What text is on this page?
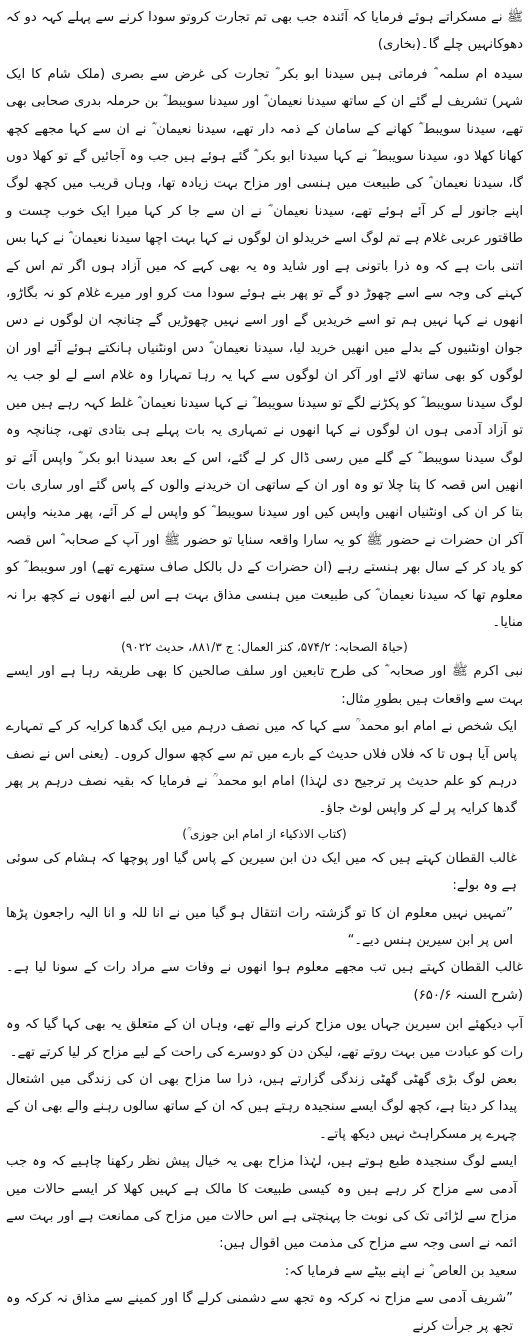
ﷺ نے مسکراتے ہوئے فرمایا کہ آئندہ جب بھی تم تجارت کروتو سودا کرنے سے پہلے کہہ دو کہ دھوکانہیں چلے گا۔(بخاری)

سیدہ ام سلمہ ؓ فرماتی ہیں سیدنا ابو بکر ؓ تجارت کی غرض سے بصری (ملک شام کا ایک شہر) تشریف لے گئے ان کے ساتھ سیدنا نعیمان ؓ اور سیدنا سویبط ؓ بن حرملہ بدری صحابی بھی تھے، سیدنا سویبط ؓ کھانے کے سامان کے ذمہ دار تھے، سیدنا نعیمان ؓ نے ان سے کہا مجھے کچھ کھانا کھلا دو، سیدنا سویبط ؓ نے کہا سیدنا ابو بکر ؓ گئے ہوئے ہیں جب وہ آجائیں گے تو کھلا دوں گا، سیدنا نعیمان ؓ کی طبیعت میں ہنسی اور مزاح بہت زیادہ تھا، وہاں قریب میں کچھ لوگ اپنے جانور لے کر آئے ہوئے تھے، سیدنا نعیمان ؓ نے ان سے جا کر کہا میرا ایک خوب چست و طاقتور عربی غلام ہے تم لوگ اسے خریدلو ان لوگوں نے کہا بہت اچھا سیدنا نعیمان ؓ نے کہا بس اتنی بات ہے کہ وہ ذرا باتونی ہے اور شاید وہ یہ بھی کہے کہ میں آزاد ہوں اگر تم اس کے کہنے کی وجہ سے اسے چھوڑ دو گے تو پھر بنے ہوئے سودا مت کرو اور میرے غلام کو نہ بگاڑو، انھوں نے کہا نہیں ہم تو اسے خریدیں گے اور اسے نہیں چھوڑیں گے چنانچہ ان لوگوں نے دس جوان اونٹنیوں کے بدلے میں انھیں خرید لیا، سیدنا نعیمان ؓ دس اونٹنیاں ہانکتے ہوئے آئے اور ان لوگوں کو بھی ساتھ لائے اور آکر ان لوگوں سے کہا یہ رہا تمہارا وہ غلام اسے لے لو جب یہ لوگ سیدنا سویبط ؓ کو پکڑنے لگے تو سیدنا سویبط ؓ نے کہا سیدنا نعیمان ؓ غلط کہہ رہے ہیں میں تو آزاد آدمی ہوں ان لوگوں نے کہا انھوں نے تمہاری یہ بات پہلے ہی بتادی تھی، چنانچہ وہ لوگ سیدنا سویبط ؓ کے گلے میں رسی ڈال کر لے گئے، اس کے بعد سیدنا ابو بکر ؓ واپس آئے تو انھیں اس قصہ کا پتا چلا تو وہ اور ان کے ساتھی ان خریدنے والوں کے پاس گئے اور ساری بات بتا کر ان کی اونٹنیاں انھیں واپس کیں اور سیدنا سویبط ؓ کو واپس لے کر آئے، پھر مدینہ واپس آکر ان حضرات نے حضور ﷺ کو یہ سارا واقعہ سنایا تو حضور ﷺ اور آپ کے صحابہ ؓ اس قصہ کو یاد کر کے سال بھر ہنستے رہے (ان حضرات کے دل بالکل صاف ستھرے تھے) اور سویبط ؓ کو معلوم تھا کہ سیدنا نعیمان ؓ کی طبیعت میں ہنسی مذاق بہت ہے اس لیے انھوں نے کچھ برا نہ منایا۔

(حیاۃ الصحابہ: ۵۷۴/۲، کنز العمال: ج ۸۸۱/۳، حدیث ۹۰۲۲)

نبی اکرم ﷺ اور صحابہ ؓ کی طرح تابعین اور سلف صالحین کا بھی طریقہ رہا ہے اور ایسے بہت سے واقعات ہیں بطورِ مثال:

ایک شخص نے امام ابو محمد ؒ سے کہا کہ میں نصف درہم میں ایک گدھا کرایہ کر کے تمہارے پاس آیا ہوں تا کہ فلاں فلاں حدیث کے بارے میں تم سے کچھ سوال کروں۔ (یعنی اس نے نصف درہم کو علم حدیث پر ترجیح دی لہٰذا) امام ابو محمد ؒ نے فرمایا کہ بقیہ نصف درہم پر پھر گدھا کرایہ پر لے کر واپس لوٹ جاؤ۔

(کتاب الاذکیاء از امام ابن جوزی ؒ)

غالب القطان کہتے ہیں کہ میں ایک دن ابن سیرین کے پاس گیا اور پوچھا کہ ہشام کی سوئی ہے وہ بولے:

”تمہیں نہیں معلوم ان کا تو گزشتہ رات انتقال ہو گیا میں نے انا للہ و انا الیہ راجعون پڑھا اس پر ابن سیرین ہنس دیے۔“

غالب القطان کہتے ہیں تب مجھے معلوم ہوا انھوں نے وفات سے مراد رات کے سونا لیا ہے۔ (شرح السنہ ۶۵۰/۶)

آپ دیکھئے ابن سیرین جہاں یوں مزاح کرنے والے تھے، وہاں ان کے متعلق یہ بھی کہا گیا کہ وہ رات کو عبادت میں بہت روتے تھے، لیکن دن کو دوسرے کی راحت کے لیے مزاح کر لیا کرتے تھے۔

بعض لوگ بڑی گھٹی گھٹی زندگی گزارتے ہیں، ذرا سا مزاح بھی ان کی زندگی میں اشتعال پیدا کر دیتا ہے، کچھ لوگ ایسے سنجیدہ رہتے ہیں کہ ان کے ساتھ سالوں رہنے والے بھی ان کے چہرے پر مسکراہٹ نہیں دیکھ پاتے۔

ایسے لوگ سنجیدہ طبع ہوتے ہیں، لہٰذا مزاح بھی یہ خیال پیش نظر رکھنا چاہیے کہ وہ جب آدمی سے مزاح کر رہے ہیں وہ کیسی طبیعت کا مالک ہے کہیں کھلا کر ایسے حالات میں مزاح سے لڑائی تک کی نوبت جا پہنچتی ہے اس حالات میں مزاح کی ممانعت ہے اور بہت سے ائمہ نے اسی وجہ سے مزاح کی مذمت میں اقوال ہیں:

سعید بن العاص ؓ نے اپنے بیٹے سے فرمایا کہ:

”شریف آدمی سے مزاح نہ کرکہ وہ تجھ سے دشمنی کرلے گا اور کمینے سے مذاق نہ کرکہ وہ تجھ پر جرأت کرنے
